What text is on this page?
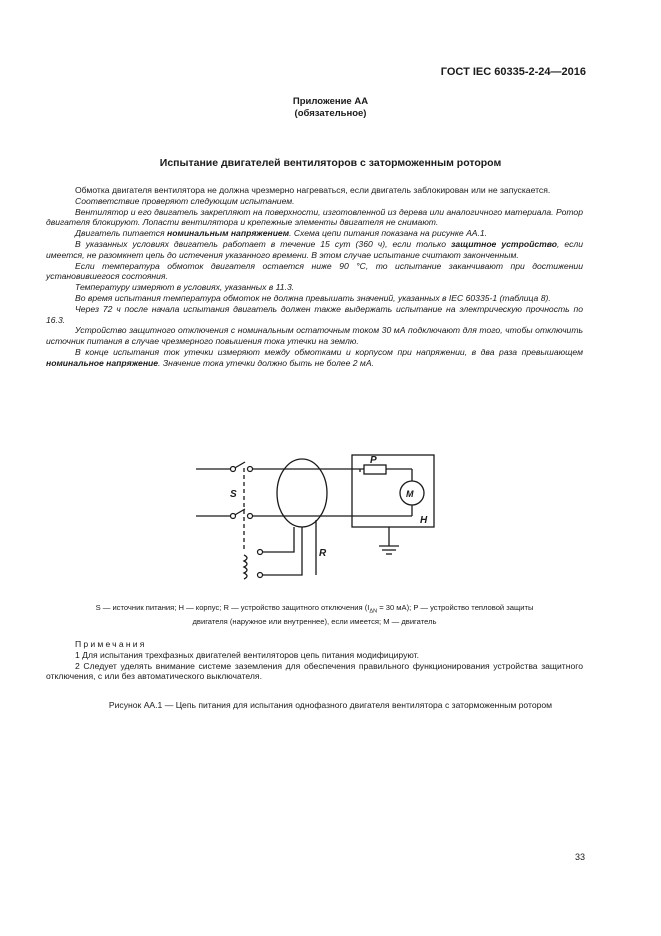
ГОСТ IEC 60335-2-24—2016
Приложение АА
(обязательное)
Испытание двигателей вентиляторов с заторможенным ротором

Обмотка двигателя вентилятора не должна чрезмерно нагреваться, если двигатель заблокирован или не запускается.

Соответствие проверяют следующим испытанием.

Вентилятор и его двигатель закрепляют на поверхности, изготовленной из дерева или аналогичного материала. Ротор двигателя блокируют. Лопасти вентилятора и крепежные элементы двигателя не снимают.

Двигатель питается номинальным напряжением. Схема цепи питания показана на рисунке АА.1.

В указанных условиях двигатель работает в течение 15 сут (360 ч), если только защитное устройство, если имеется, не разомкнет цепь до истечения указанного времени. В этом случае испытание считают законченным.

Если температура обмоток двигателя остается ниже 90 °C, то испытание заканчивают при достижении установившегося состояния.

Температуру измеряют в условиях, указанных в 11.3.

Во время испытания температура обмоток не должна превышать значений, указанных в IEC 60335-1 (таблица 8).

Через 72 ч после начала испытания двигатель должен также выдержать испытание на электрическую прочность по 16.3.

Устройство защитного отключения с номинальным остаточным током 30 мА подключают для того, чтобы отключить источник питания в случае чрезмерного повышения тока утечки на землю.

В конце испытания ток утечки измеряют между обмотками и корпусом при напряжении, в два раза превышающем номинальное напряжение. Значение тока утечки должно быть не более 2 мА.

S
R
P
M
H
S — источник питания; H — корпус; R — устройство защитного отключения ($I_{\Delta N} = 30$ мА); P — устройство тепловой защиты
двигателя (наружное или внутреннее), если имеется; M — двигатель

Примечания

1 Для испытания трехфазных двигателей вентиляторов цепь питания модифицируют.

2 Следует уделять внимание системе заземления для обеспечения правильного функционирования устройства защитного отключения, с или без автоматического выключателя.

Рисунок АА.1 — Цепь питания для испытания однофазного двигателя вентилятора с заторможенным ротором
33
